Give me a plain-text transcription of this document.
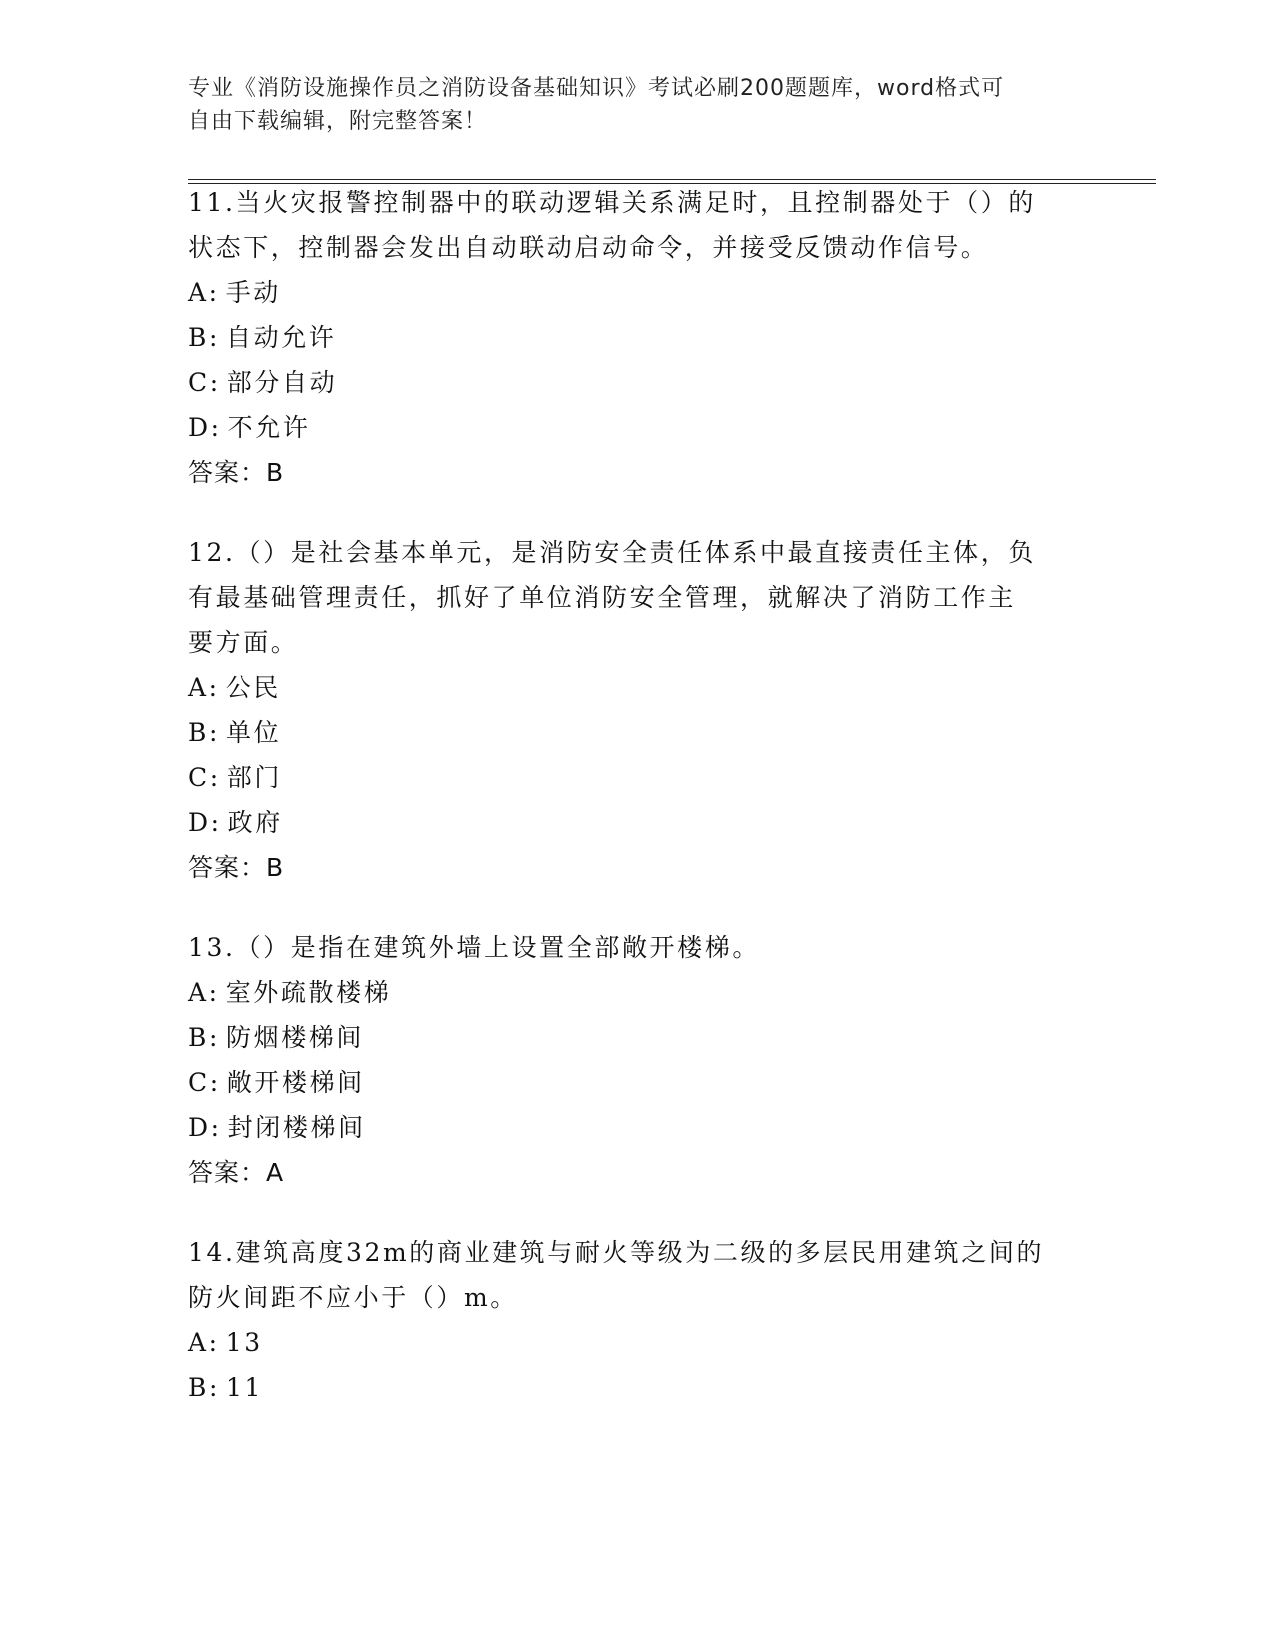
专业《消防设施操作员之消防设备基础知识》考试必刷200题题库，word格式可
自由下载编辑，附完整答案！

11.当火灾报警控制器中的联动逻辑关系满足时，且控制器处于（）的

状态下，控制器会发出自动联动启动命令，并接受反馈动作信号。

A: 手动

B: 自动允许

C: 部分自动

D: 不允许

答案：B

12.（）是社会基本单元，是消防安全责任体系中最直接责任主体，负

有最基础管理责任，抓好了单位消防安全管理，就解决了消防工作主

要方面。

A: 公民

B: 单位

C: 部门

D: 政府

答案：B

13.（）是指在建筑外墙上设置全部敞开楼梯。

A: 室外疏散楼梯

B: 防烟楼梯间

C: 敞开楼梯间

D: 封闭楼梯间

答案：A

14.建筑高度32m的商业建筑与耐火等级为二级的多层民用建筑之间的

防火间距不应小于（）m。

A: 13

B: 11
